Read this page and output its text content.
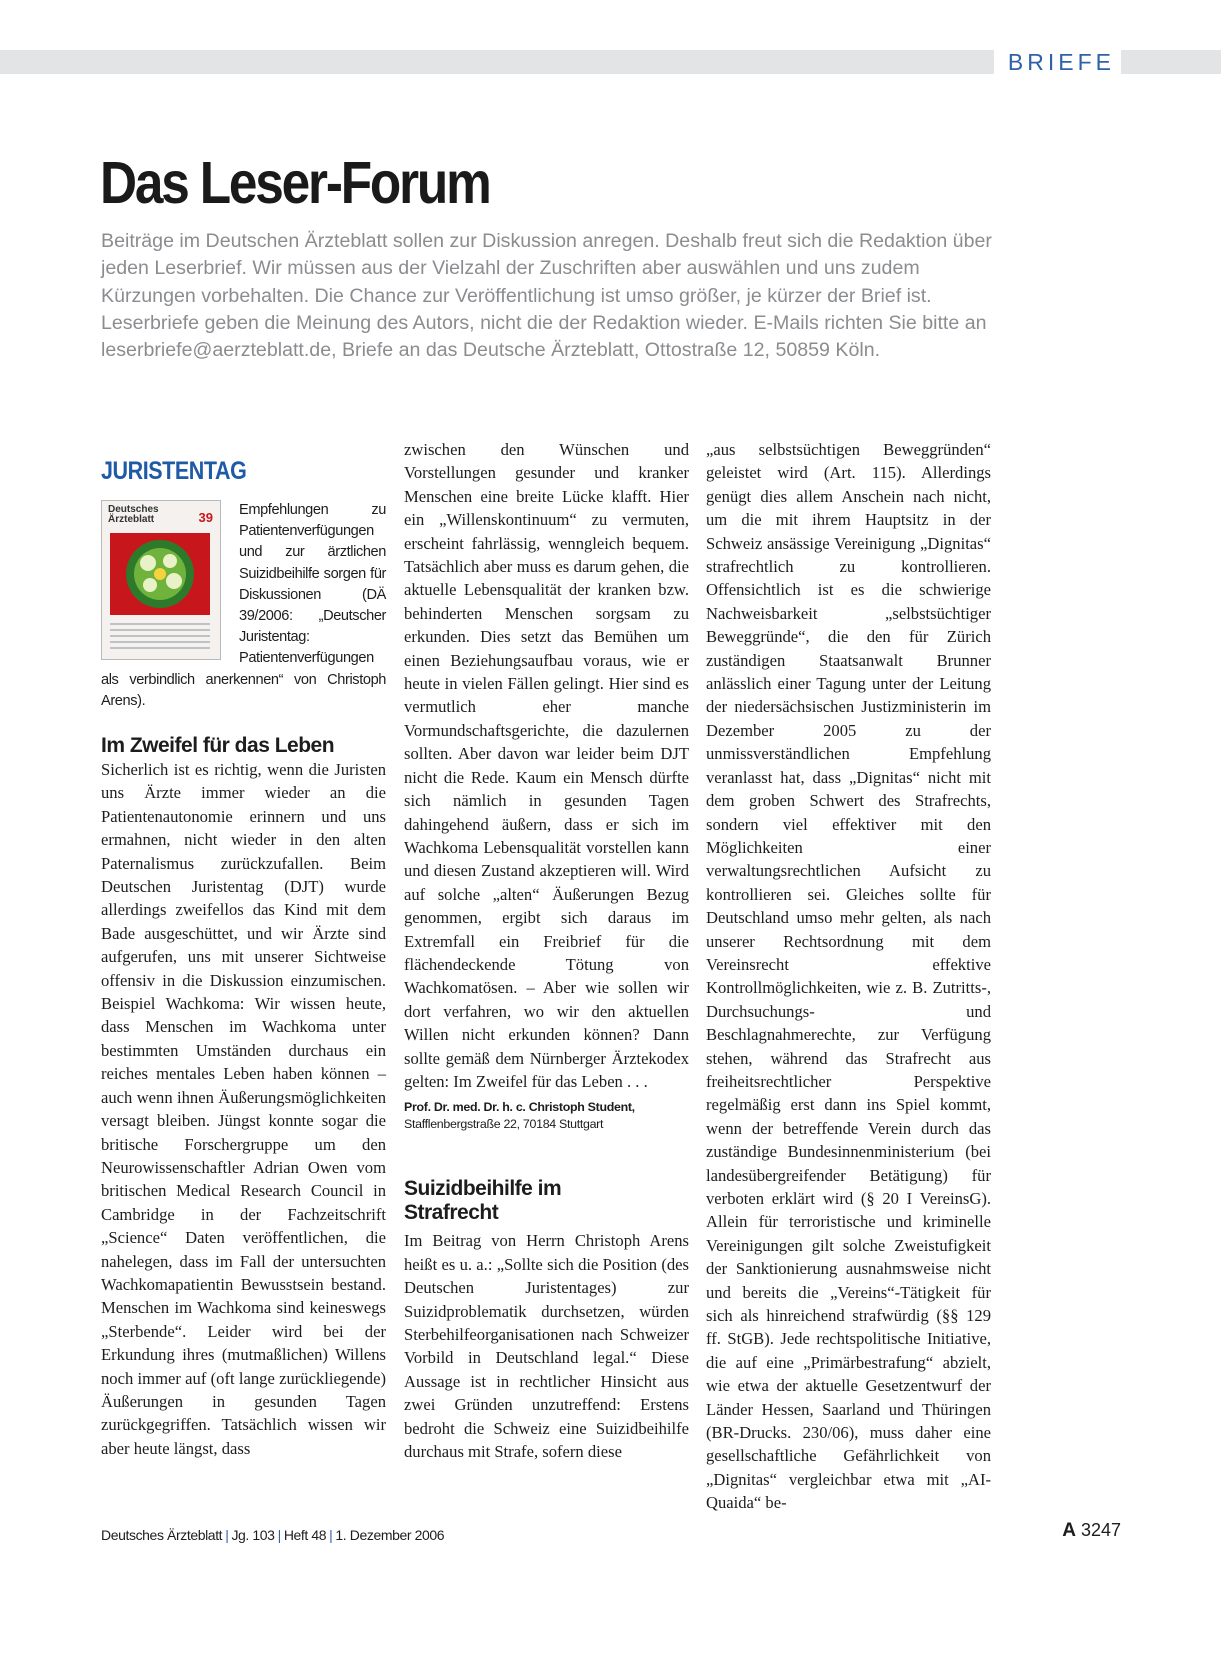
BRIEFE
Das Leser-Forum

Beiträge im Deutschen Ärzteblatt sollen zur Diskussion anregen. Deshalb freut sich die Redaktion über jeden Leserbrief. Wir müssen aus der Vielzahl der Zuschriften aber auswählen und uns zudem Kürzungen vorbehalten. Die Chance zur Veröffentlichung ist umso größer, je kürzer der Brief ist. Leserbriefe geben die Meinung des Autors, nicht die der Redaktion wieder. E-Mails richten Sie bitte an leserbriefe@aerzteblatt.de, Briefe an das Deutsche Ärzteblatt, Ottostraße 12, 50859 Köln.

JURISTENTAG
Deutsches Ärzteblatt	39	Empfehlungen zu Patientenverfügungen und zur ärztlichen Suizidbeihilfe sorgen für Diskussionen (DÄ 39/2006: „Deutscher Juristentag: Patientenverfügungen als verbindlich anerkennen“ von Christoph Arens).

Im Zweifel für das Leben

Sicherlich ist es richtig, wenn die Juristen uns Ärzte immer wieder an die Patientenautonomie erinnern und uns ermahnen, nicht wieder in den alten Paternalismus zurückzufallen. Beim Deutschen Juristentag (DJT) wurde allerdings zweifellos das Kind mit dem Bade ausgeschüttet, und wir Ärzte sind aufgerufen, uns mit unserer Sichtweise offensiv in die Diskussion einzumischen. Beispiel Wachkoma: Wir wissen heute, dass Menschen im Wachkoma unter bestimmten Umständen durchaus ein reiches mentales Leben haben können – auch wenn ihnen Äußerungsmöglichkeiten versagt bleiben. Jüngst konnte sogar die britische Forschergruppe um den Neurowissenschaftler Adrian Owen vom britischen Medical Research Council in Cambridge in der Fachzeitschrift „Science“ Daten veröffentlichen, die nahelegen, dass im Fall der untersuchten Wachkomapatientin Bewusstsein bestand. Menschen im Wachkoma sind keineswegs „Sterbende“. Leider wird bei der Erkundung ihres (mutmaßlichen) Willens noch immer auf (oft lange zurückliegende) Äußerungen in gesunden Tagen zurückgegriffen. Tatsächlich wissen wir aber heute längst, dass

zwischen den Wünschen und Vorstellungen gesunder und kranker Menschen eine breite Lücke klafft. Hier ein „Willenskontinuum“ zu vermuten, erscheint fahrlässig, wenngleich bequem. Tatsächlich aber muss es darum gehen, die aktuelle Lebensqualität der kranken bzw. behinderten Menschen sorgsam zu erkunden. Dies setzt das Bemühen um einen Beziehungsaufbau voraus, wie er heute in vielen Fällen gelingt. Hier sind es vermutlich eher manche Vormundschaftsgerichte, die dazulernen sollten. Aber davon war leider beim DJT nicht die Rede. Kaum ein Mensch dürfte sich nämlich in gesunden Tagen dahingehend äußern, dass er sich im Wachkoma Lebensqualität vorstellen kann und diesen Zustand akzeptieren will. Wird auf solche „alten“ Äußerungen Bezug genommen, ergibt sich daraus im Extremfall ein Freibrief für die flächendeckende Tötung von Wachkomatösen. – Aber wie sollen wir dort verfahren, wo wir den aktuellen Willen nicht erkunden können? Dann sollte gemäß dem Nürnberger Ärztekodex gelten: Im Zweifel für das Leben . . .

Prof. Dr. med. Dr. h. c. Christoph Student,
Stafflenbergstraße 22, 70184 Stuttgart
Suizidbeihilfe im Strafrecht

Im Beitrag von Herrn Christoph Arens heißt es u. a.: „Sollte sich die Position (des Deutschen Juristentages) zur Suizidproblematik durchsetzen, würden Sterbehilfeorganisationen nach Schweizer Vorbild in Deutschland legal.“ Diese Aussage ist in rechtlicher Hinsicht aus zwei Gründen unzutreffend: Erstens bedroht die Schweiz eine Suizidbeihilfe durchaus mit Strafe, sofern diese

„aus selbstsüchtigen Beweggründen“ geleistet wird (Art. 115). Allerdings genügt dies allem Anschein nach nicht, um die mit ihrem Hauptsitz in der Schweiz ansässige Vereinigung „Dignitas“ strafrechtlich zu kontrollieren. Offensichtlich ist es die schwierige Nachweisbarkeit „selbstsüchtiger Beweggründe“, die den für Zürich zuständigen Staatsanwalt Brunner anlässlich einer Tagung unter der Leitung der niedersächsischen Justizministerin im Dezember 2005 zu der unmissverständlichen Empfehlung veranlasst hat, dass „Dignitas“ nicht mit dem groben Schwert des Strafrechts, sondern viel effektiver mit den Möglichkeiten einer verwaltungsrechtlichen Aufsicht zu kontrollieren sei. Gleiches sollte für Deutschland umso mehr gelten, als nach unserer Rechtsordnung mit dem Vereinsrecht effektive Kontrollmöglichkeiten, wie z. B. Zutritts-, Durchsuchungs- und Beschlagnahmerechte, zur Verfügung stehen, während das Strafrecht aus freiheitsrechtlicher Perspektive regelmäßig erst dann ins Spiel kommt, wenn der betreffende Verein durch das zuständige Bundesinnenministerium (bei landesübergreifender Betätigung) für verboten erklärt wird (§ 20 I VereinsG). Allein für terroristische und kriminelle Vereinigungen gilt solche Zweistufigkeit der Sanktionierung ausnahmsweise nicht und bereits die „Vereins“-Tätigkeit für sich als hinreichend strafwürdig (§§ 129 ff. StGB). Jede rechtspolitische Initiative, die auf eine „Primärbestrafung“ abzielt, wie etwa der aktuelle Gesetzentwurf der Länder Hessen, Saarland und Thüringen (BR-Drucks. 230/06), muss daher eine gesellschaftliche Gefährlichkeit von „Dignitas“ vergleichbar etwa mit „AI-Quaida“ be-

Deutsches Ärzteblatt | Jg. 103 | Heft 48 | 1. Dezember 2006	A 3247
